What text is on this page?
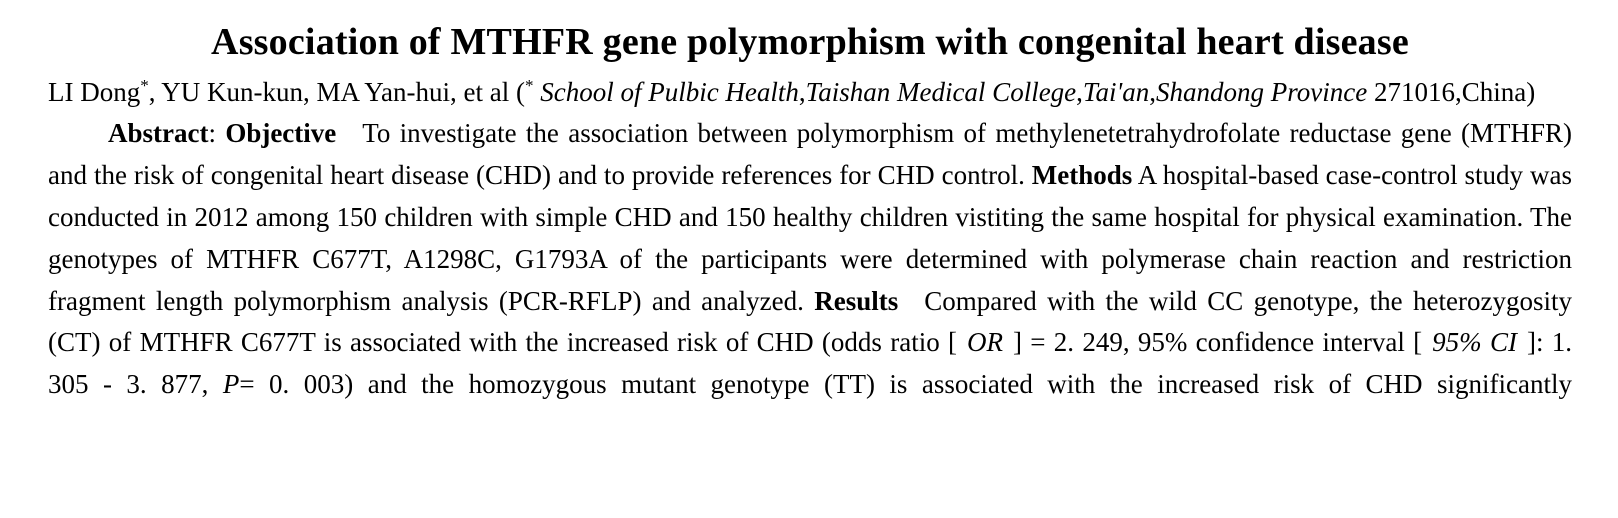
Association of MTHFR gene polymorphism with congenital heart disease
LI Dong*, YU Kun-kun, MA Yan-hui, et al (* School of Pulbic Health,Taishan Medical College,Tai'an,Shandong Province 271016,China)
Abstract: Objective To investigate the association between polymorphism of methylenetetrahydrofolate reductase gene (MTHFR) and the risk of congenital heart disease (CHD) and to provide references for CHD control. Methods A hospital-based case-control study was conducted in 2012 among 150 children with simple CHD and 150 healthy children vistiting the same hospital for physical examination. The genotypes of MTHFR C677T, A1298C, G1793A of the participants were determined with polymerase chain reaction and restriction fragment length polymorphism analysis (PCR-RFLP) and analyzed. Results Compared with the wild CC genotype, the heterozygosity (CT) of MTHFR C677T is associated with the increased risk of CHD (odds ratio [ OR ] = 2. 249, 95% confidence interval [ 95% CI ]: 1. 305 - 3. 877, P= 0. 003) and the homozygous mutant genotype (TT) is associated with the increased risk of CHD significantly
